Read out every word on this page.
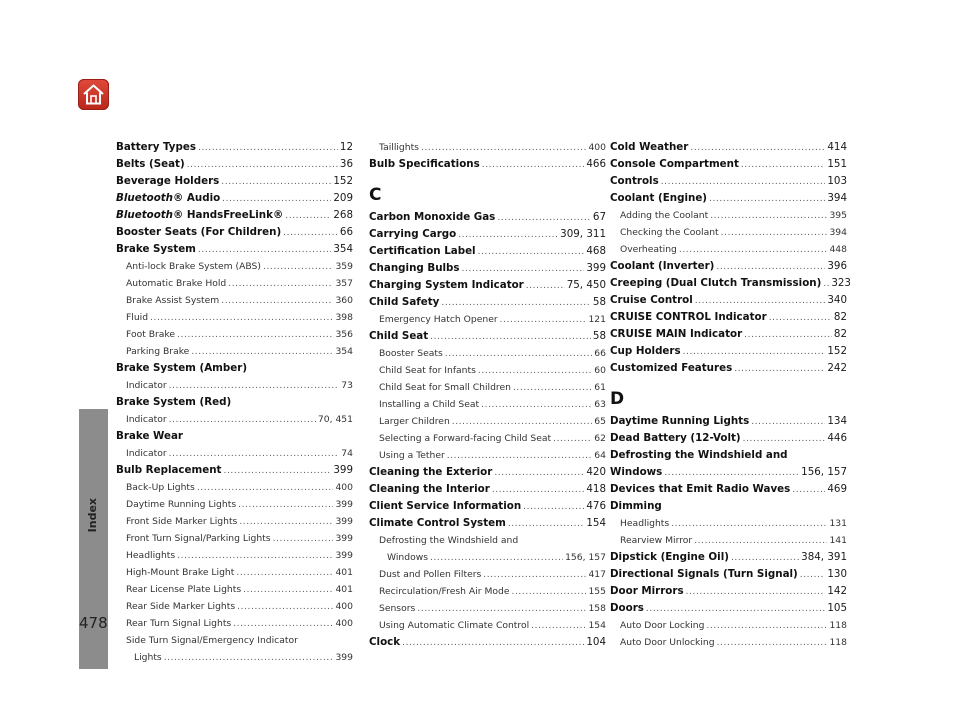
Index
478
Battery Types .....	12
Belts (Seat) .....	36
Beverage Holders .....	152
Bluetooth® Audio .....	209
Bluetooth® HandsFreeLink® .....	268
Booster Seats (For Children) .....	66
Brake System .....	354
Anti-lock Brake System (ABS) .....	359
Automatic Brake Hold .....	357
Brake Assist System .....	360
Fluid .....	398
Foot Brake .....	356
Parking Brake .....	354
Brake System (Amber)
Indicator .....	73
Brake System (Red)
Indicator .....	70, 451
Brake Wear
Indicator .....	74
Bulb Replacement .....	399
Back-Up Lights .....	400
Daytime Running Lights .....	399
Front Side Marker Lights .....	399
Front Turn Signal/Parking Lights .....	399
Headlights .....	399
High-Mount Brake Light .....	401
Rear License Plate Lights .....	401
Rear Side Marker Lights .....	400
Rear Turn Signal Lights .....	400
Side Turn Signal/Emergency Indicator
Lights .....	399
Taillights .....	400
Bulb Specifications .....	466
C
Carbon Monoxide Gas .....	67
Carrying Cargo .....	309, 311
Certification Label .....	468
Changing Bulbs .....	399
Charging System Indicator .....	75, 450
Child Safety .....	58
Emergency Hatch Opener .....	121
Child Seat .....	58
Booster Seats .....	66
Child Seat for Infants .....	60
Child Seat for Small Children .....	61
Installing a Child Seat .....	63
Larger Children .....	65
Selecting a Forward-facing Child Seat .....	62
Using a Tether .....	64
Cleaning the Exterior .....	420
Cleaning the Interior .....	418
Client Service Information .....	476
Climate Control System .....	154
Defrosting the Windshield and
Windows .....	156, 157
Dust and Pollen Filters .....	417
Recirculation/Fresh Air Mode .....	155
Sensors .....	158
Using Automatic Climate Control .....	154
Clock .....	104
Cold Weather .....	414
Console Compartment .....	151
Controls .....	103
Coolant (Engine) .....	394
Adding the Coolant .....	395
Checking the Coolant .....	394
Overheating .....	448
Coolant (Inverter) .....	396
Creeping (Dual Clutch Transmission) ..... 323
Cruise Control .....	340
CRUISE CONTROL Indicator .....	82
CRUISE MAIN Indicator .....	82
Cup Holders .....	152
Customized Features .....	242
D
Daytime Running Lights .....	134
Dead Battery (12-Volt) .....	446
Defrosting the Windshield and
Windows .....	156, 157
Devices that Emit Radio Waves .....	469
Dimming
Headlights .....	131
Rearview Mirror .....	141
Dipstick (Engine Oil) .....	384, 391
Directional Signals (Turn Signal) .....	130
Door Mirrors .....	142
Doors .....	105
Auto Door Locking .....	118
Auto Door Unlocking .....	118
